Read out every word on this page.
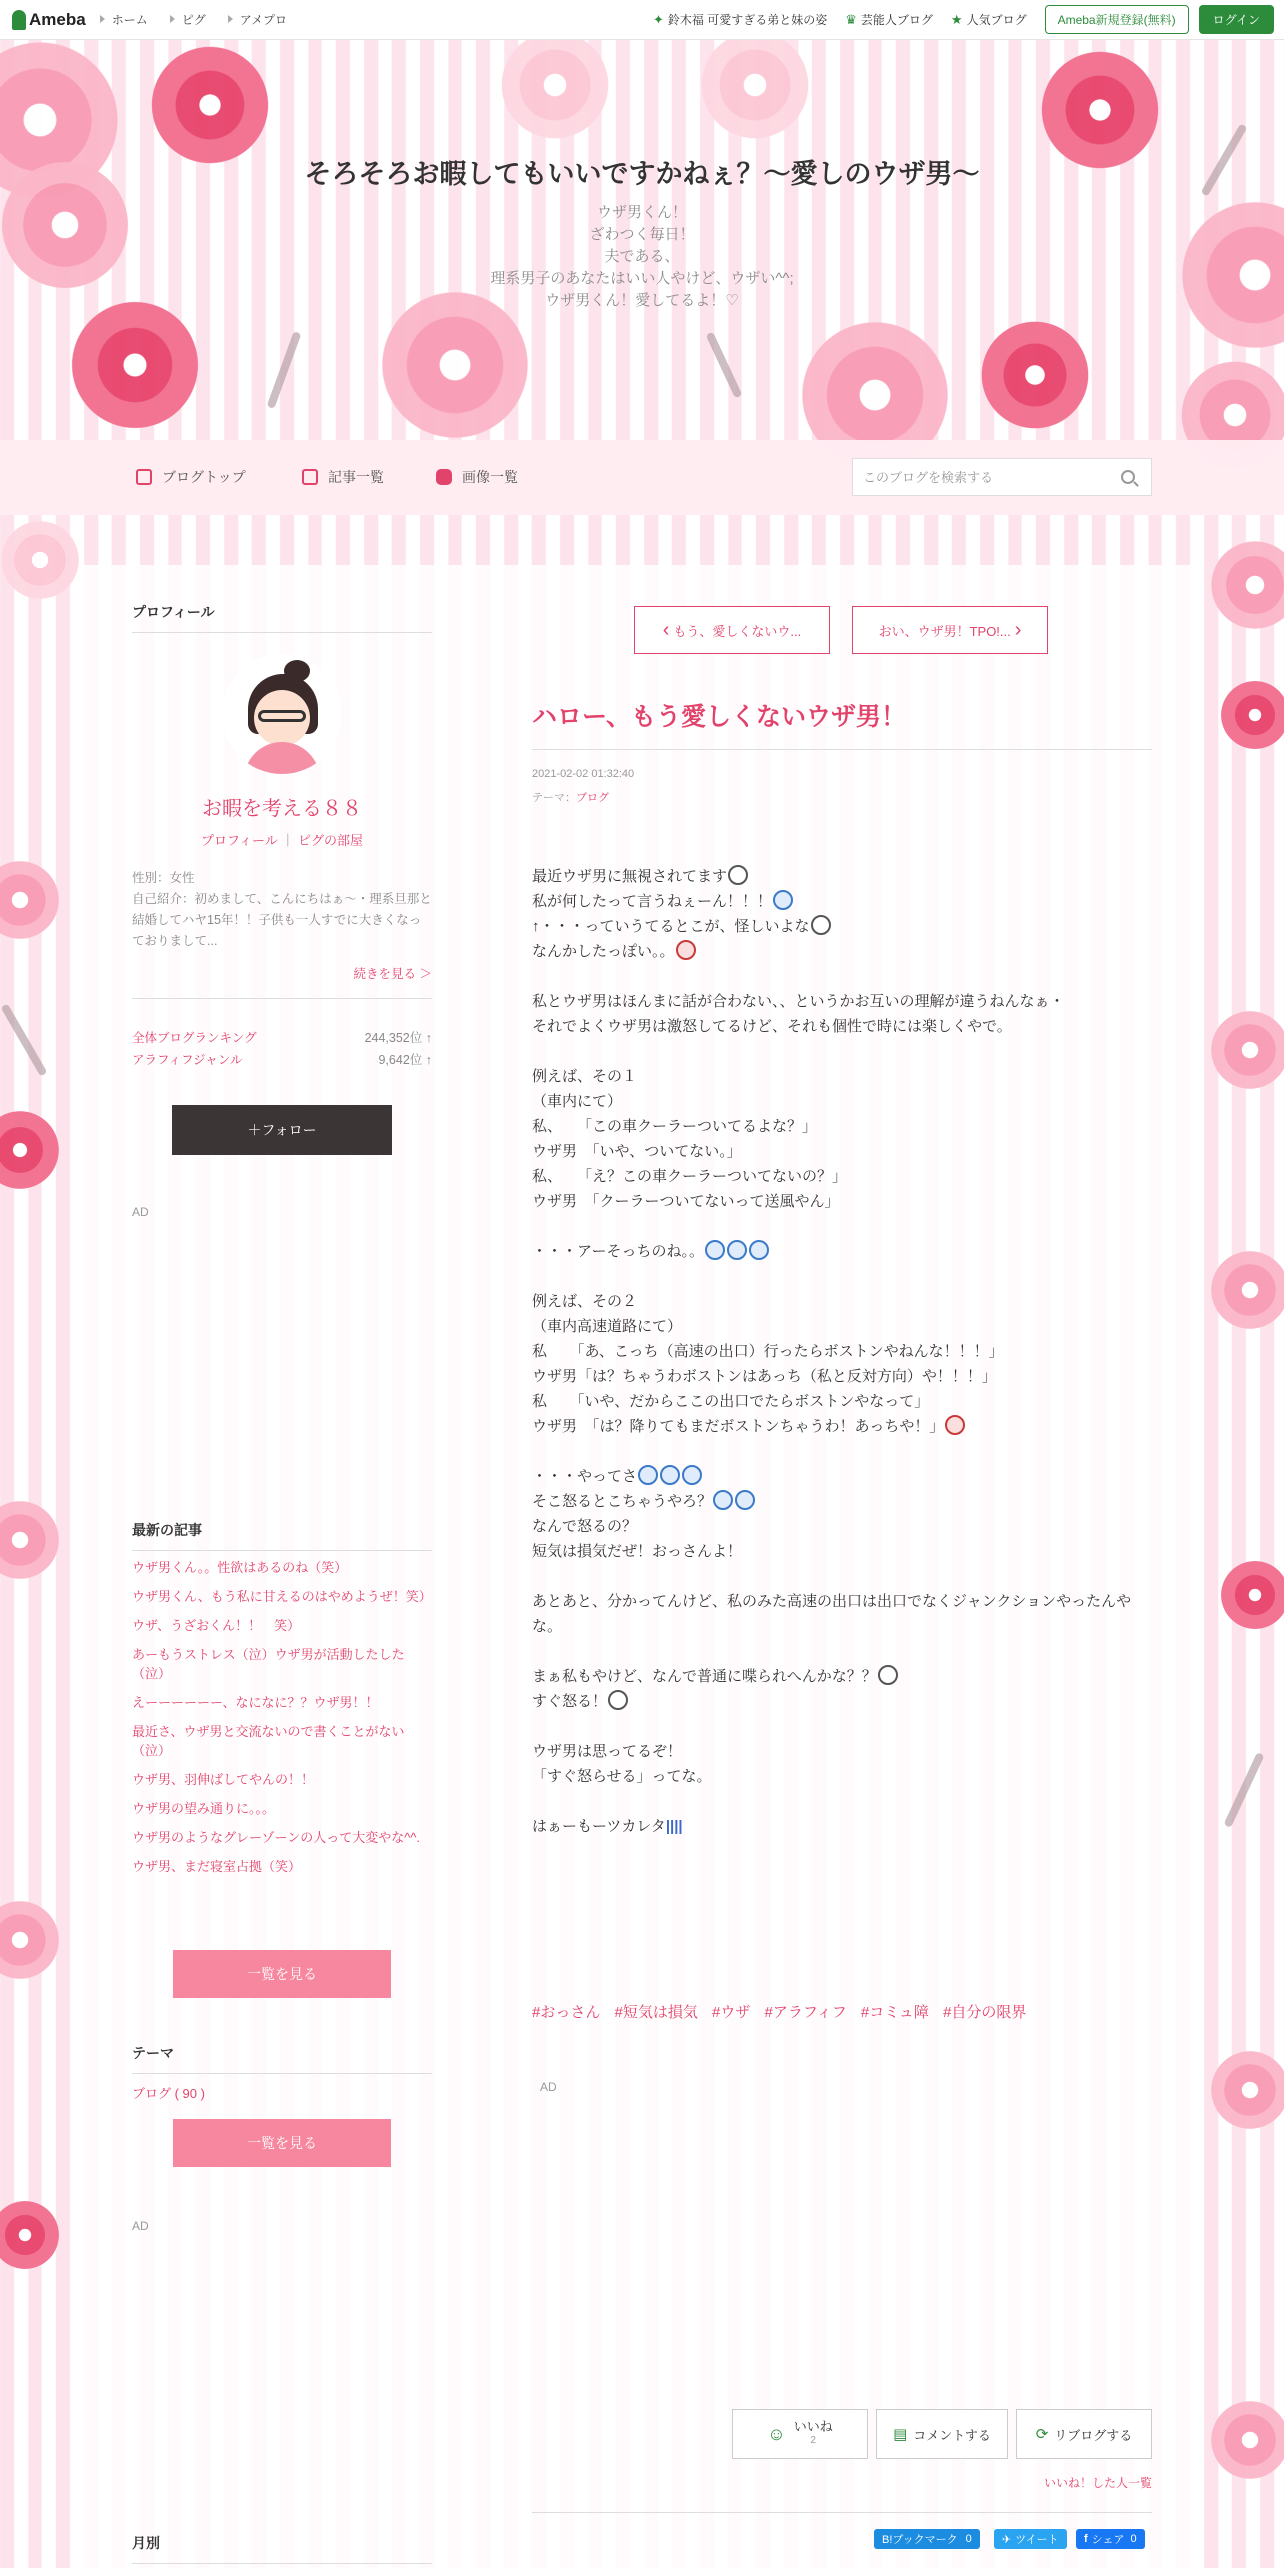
Ameba	ホーム	ピグ	アメプロ	✦ 鈴木福 可愛すぎる弟と妹の姿 ♛ 芸能人ブログ ★ 人気ブログ	Ameba新規登録(無料)	ログイン
そろそろお暇してもいいですかねぇ？〜愛しのウザ男〜
ウザ男くん！
ざわつく毎日！
夫である、
理系男子のあなたはいい人やけど、ウザい^^;
ウザ男くん！愛してるよ！♡
ブログトップ	記事一覧	画像一覧
このブログを検索する
プロフィール
お暇を考える８８
プロフィール ｜ ピグの部屋
性別：女性
自己紹介：初めまして、こんにちはぁ〜・理系旦那と結婚してハヤ15年！！子供も一人すでに大きくなっておりまして...
続きを見る ＞
全体ブログランキング	244,352位 ↑
アラフィフジャンル	9,642位 ↑
＋フォロー
AD
最新の記事
ウザ男くん。。性欲はあるのね（笑）
ウザ男くん、もう私に甘えるのはやめようぜ！笑）
ウザ、うざおくん！！　笑）
あーもうストレス（泣）ウザ男が活動したした（泣）
えーーーーーー、なになに？？ウザ男！！
最近さ、ウザ男と交流ないので書くことがない（泣）
ウザ男、羽伸ばしてやんの！！
ウザ男の望み通りに。。。
ウザ男のようなグレーゾーンの人って大変やな^^.
ウザ男、まだ寝室占拠（笑）
一覧を見る
テーマ
ブログ ( 90 )
一覧を見る
AD
月別
‹ もう、愛しくないウ...	おい、ウザ男！TPO!... ›
ハロー、もう愛しくないウザ男！
2021-02-02 01:32:40
テーマ：ブログ

最近ウザ男に無視されてます

私が何したって言うねぇーん！！！

↑・・・っていうてるとこが、怪しいよな

なんかしたっぽい。。

私とウザ男はほんまに話が合わない、、というかお互いの理解が違うねんなぁ・

それでよくウザ男は激怒してるけど、それも個性で時には楽しくやで。

例えば、その１

（車内にて）

私、　　「この車クーラーついてるよな？」

ウザ男　「いや、ついてない。」

私、　　「え？この車クーラーついてないの？」

ウザ男　「クーラーついてないって送風やん」

・・・アーそっちのね。。

例えば、その２

（車内高速道路にて）

私　　「あ、こっち（高速の出口）行ったらボストンやねんな！！！」

ウザ男「は？ちゃうわボストンはあっち（私と反対方向）や！！！」

私　　「いや、だからここの出口でたらボストンやなって」

ウザ男　「は？降りてもまだボストンちゃうわ！あっちや！」

・・・やってさ

そこ怒るとこちゃうやろ？

なんで怒るの？

短気は損気だぜ！おっさんよ！

あとあと、分かってんけど、私のみた高速の出口は出口でなくジャンクションやったんやな。

まぁ私もやけど、なんで普通に喋られへんかな？？

すぐ怒る！

ウザ男は思ってるぞ！

「すぐ怒らせる」ってな。

はぁーもーツカレタ||||

#おっさん #短気は損気 #ウザ #アラフィフ #コミュ障 #自分の限界
AD
☺ いいね
2	▤ コメントする	⟳ リブログする
いいね！した人一覧
B!ブックマーク 0	✈ ツイート f シェア 0
